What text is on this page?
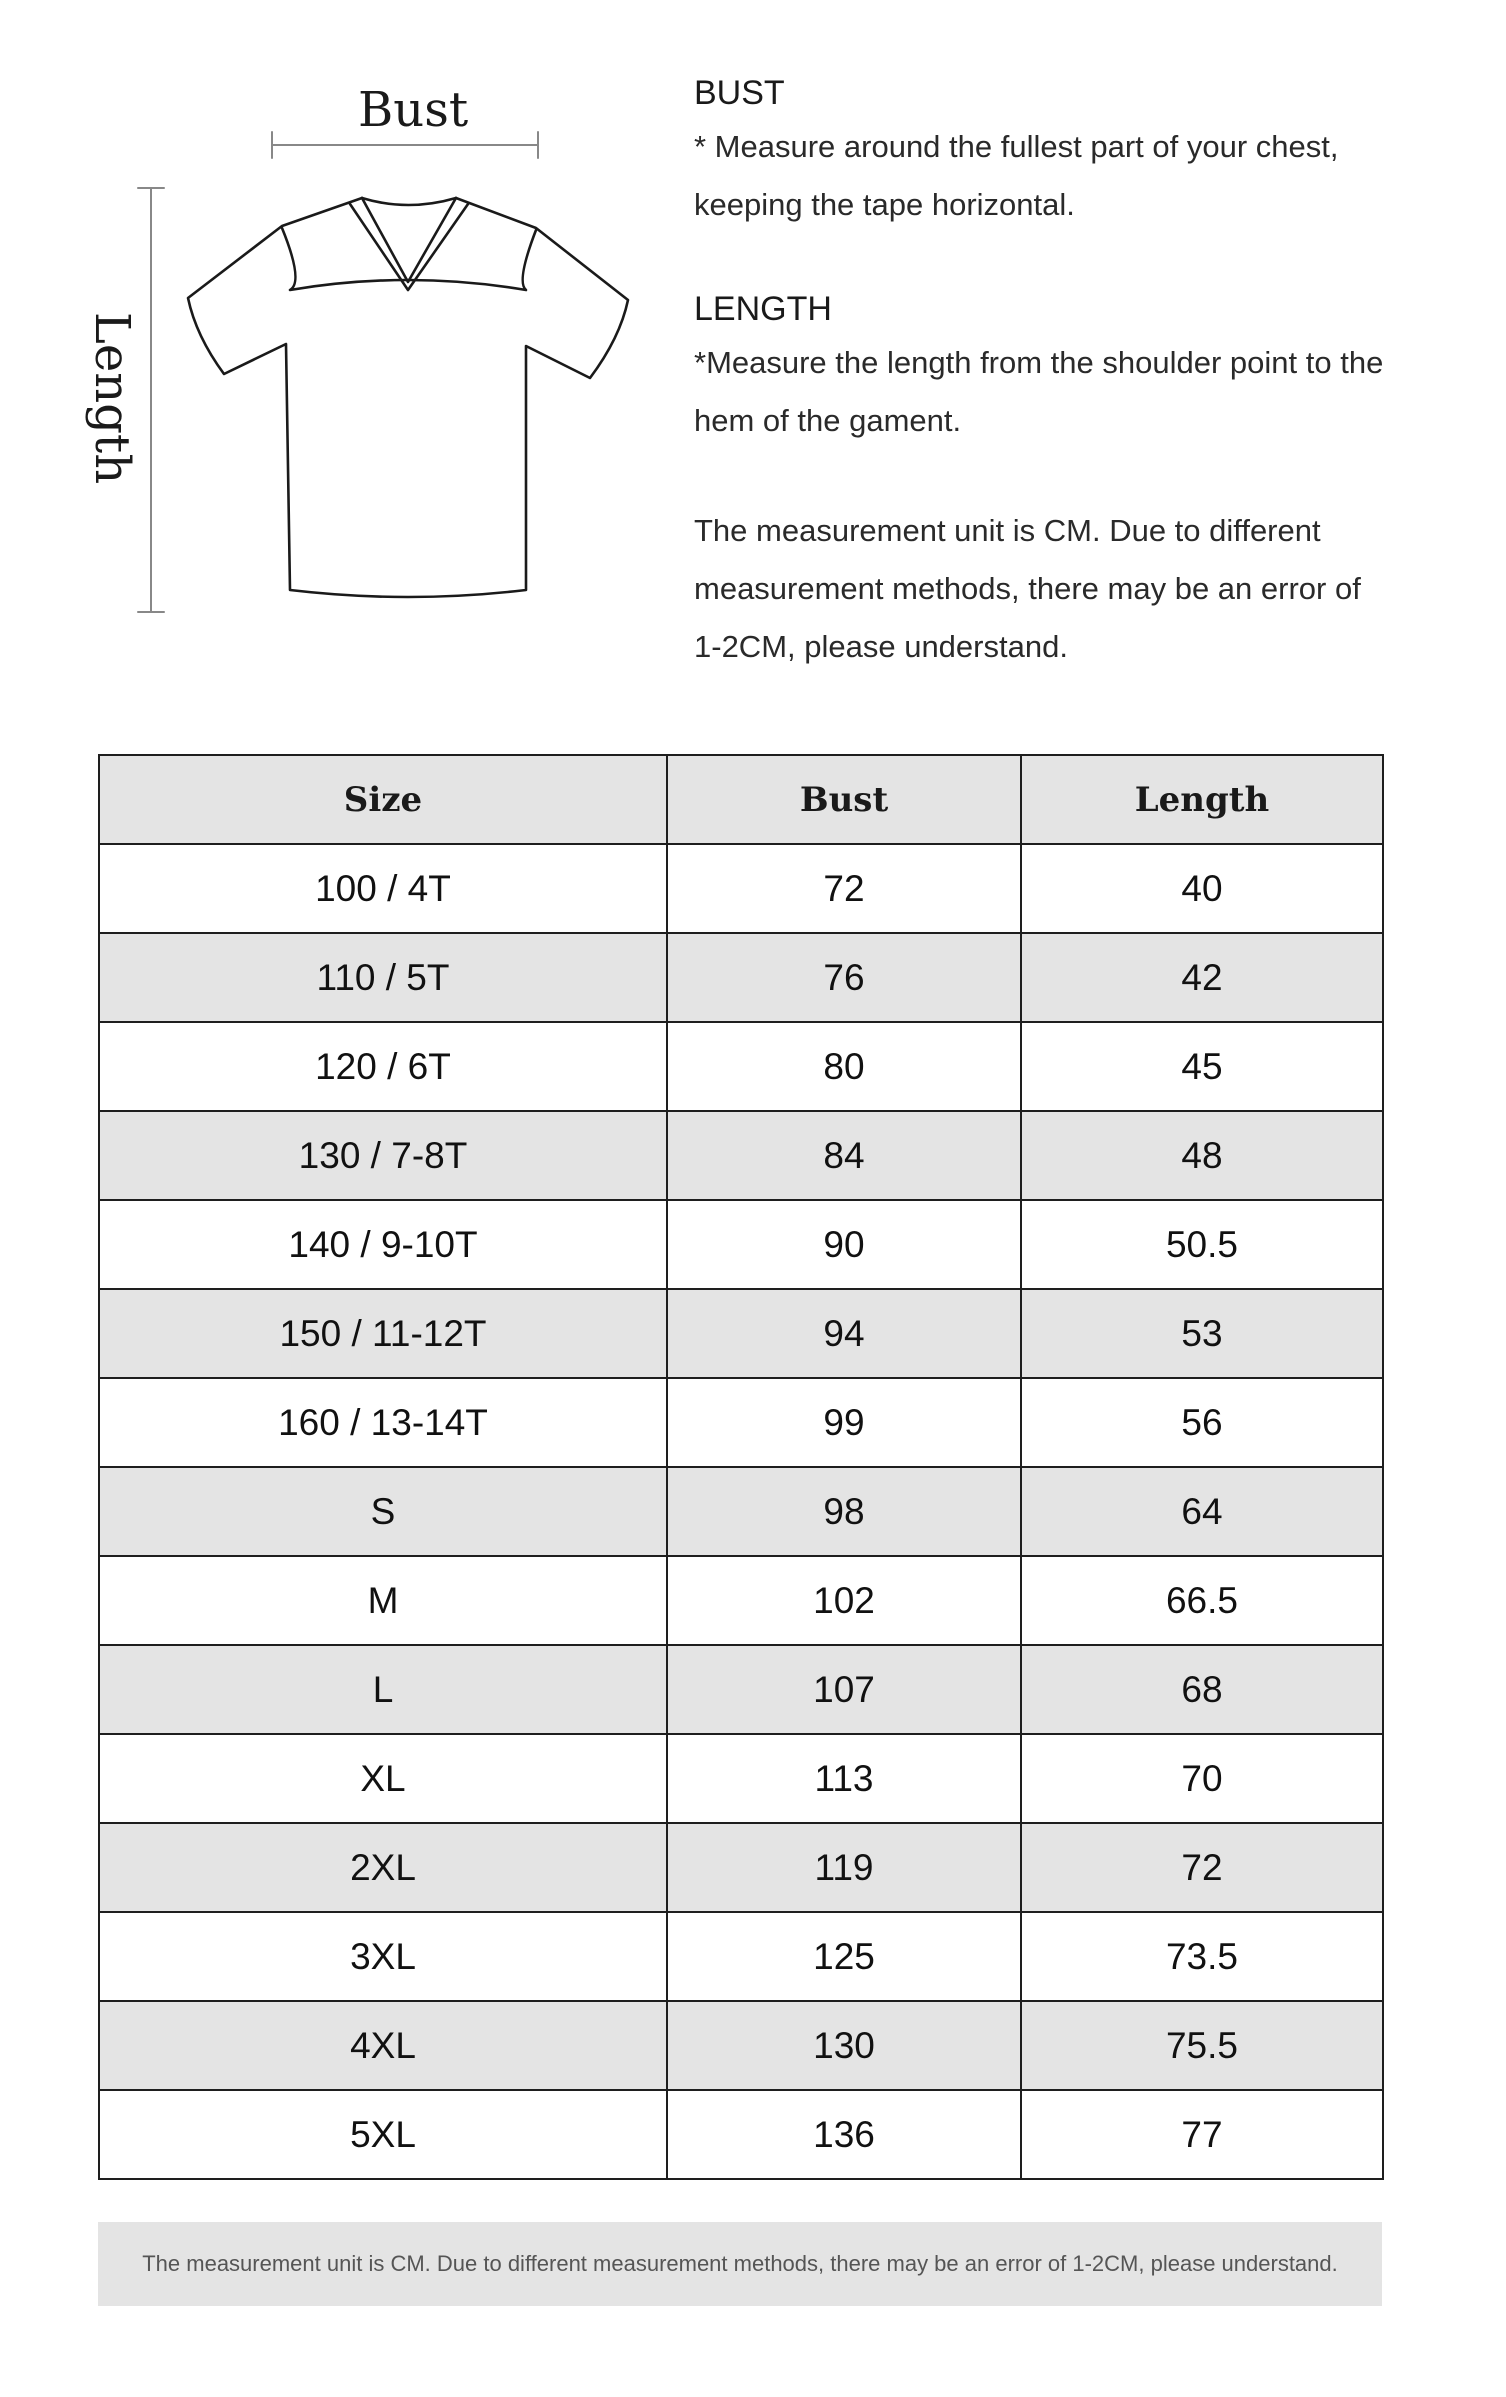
Bust
Length
BUST

* Measure around the fullest part of your chest,

keeping the tape horizontal.

LENGTH

*Measure the length from the shoulder point to the

hem of the gament.

The measurement unit is CM. Due to different

measurement methods, there may be an error of

1-2CM, please understand.

Size	Bust	Length
100 / 4T	72	40
110 / 5T	76	42
120 / 6T	80	45
130 / 7-8T	84	48
140 / 9-10T	90	50.5
150 / 11-12T	94	53
160 / 13-14T	99	56
S	98	64
M	102	66.5
L	107	68
XL	113	70
2XL	119	72
3XL	125	73.5
4XL	130	75.5
5XL	136	77
The measurement unit is CM. Due to different measurement methods, there may be an error of 1-2CM, please understand.
